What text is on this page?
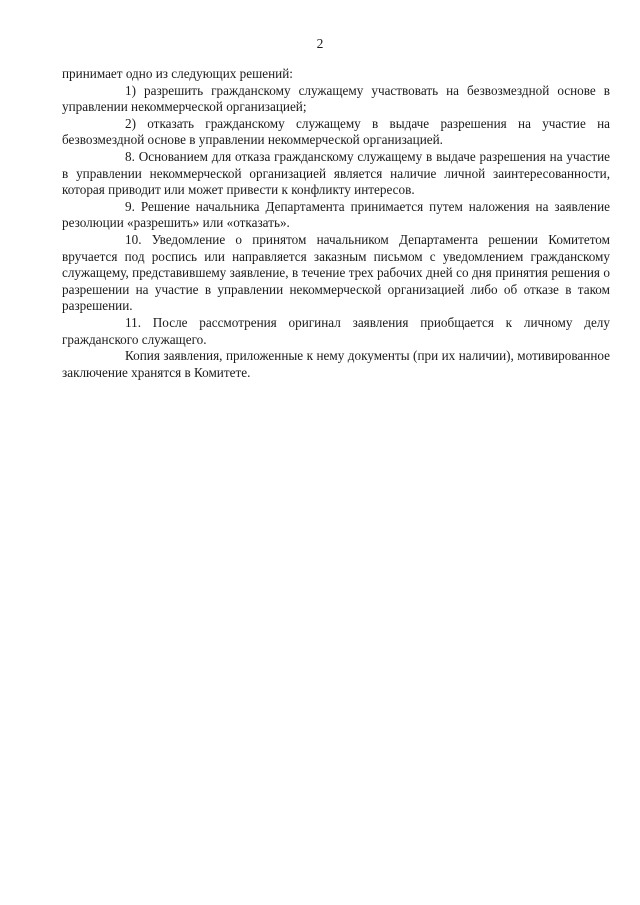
2

принимает одно из следующих решений:

1) разрешить гражданскому служащему участвовать на безвозмездной основе в управлении некоммерческой организацией;

2) отказать гражданскому служащему в выдаче разрешения на участие на безвозмездной основе в управлении некоммерческой организацией.

8. Основанием для отказа гражданскому служащему в выдаче разрешения на участие в управлении некоммерческой организацией является наличие личной заинтересованности, которая приводит или может привести к конфликту интересов.

9. Решение начальника Департамента принимается путем наложения на заявление резолюции «разрешить» или «отказать».

10. Уведомление о принятом начальником Департамента решении Комитетом вручается под роспись или направляется заказным письмом с уведомлением гражданскому служащему, представившему заявление, в течение трех рабочих дней со дня принятия решения о разрешении на участие в управлении некоммерческой организацией либо об отказе в таком разрешении.

11. После рассмотрения оригинал заявления приобщается к личному делу гражданского служащего.

Копия заявления, приложенные к нему документы (при их наличии), мотивированное заключение хранятся в Комитете.
